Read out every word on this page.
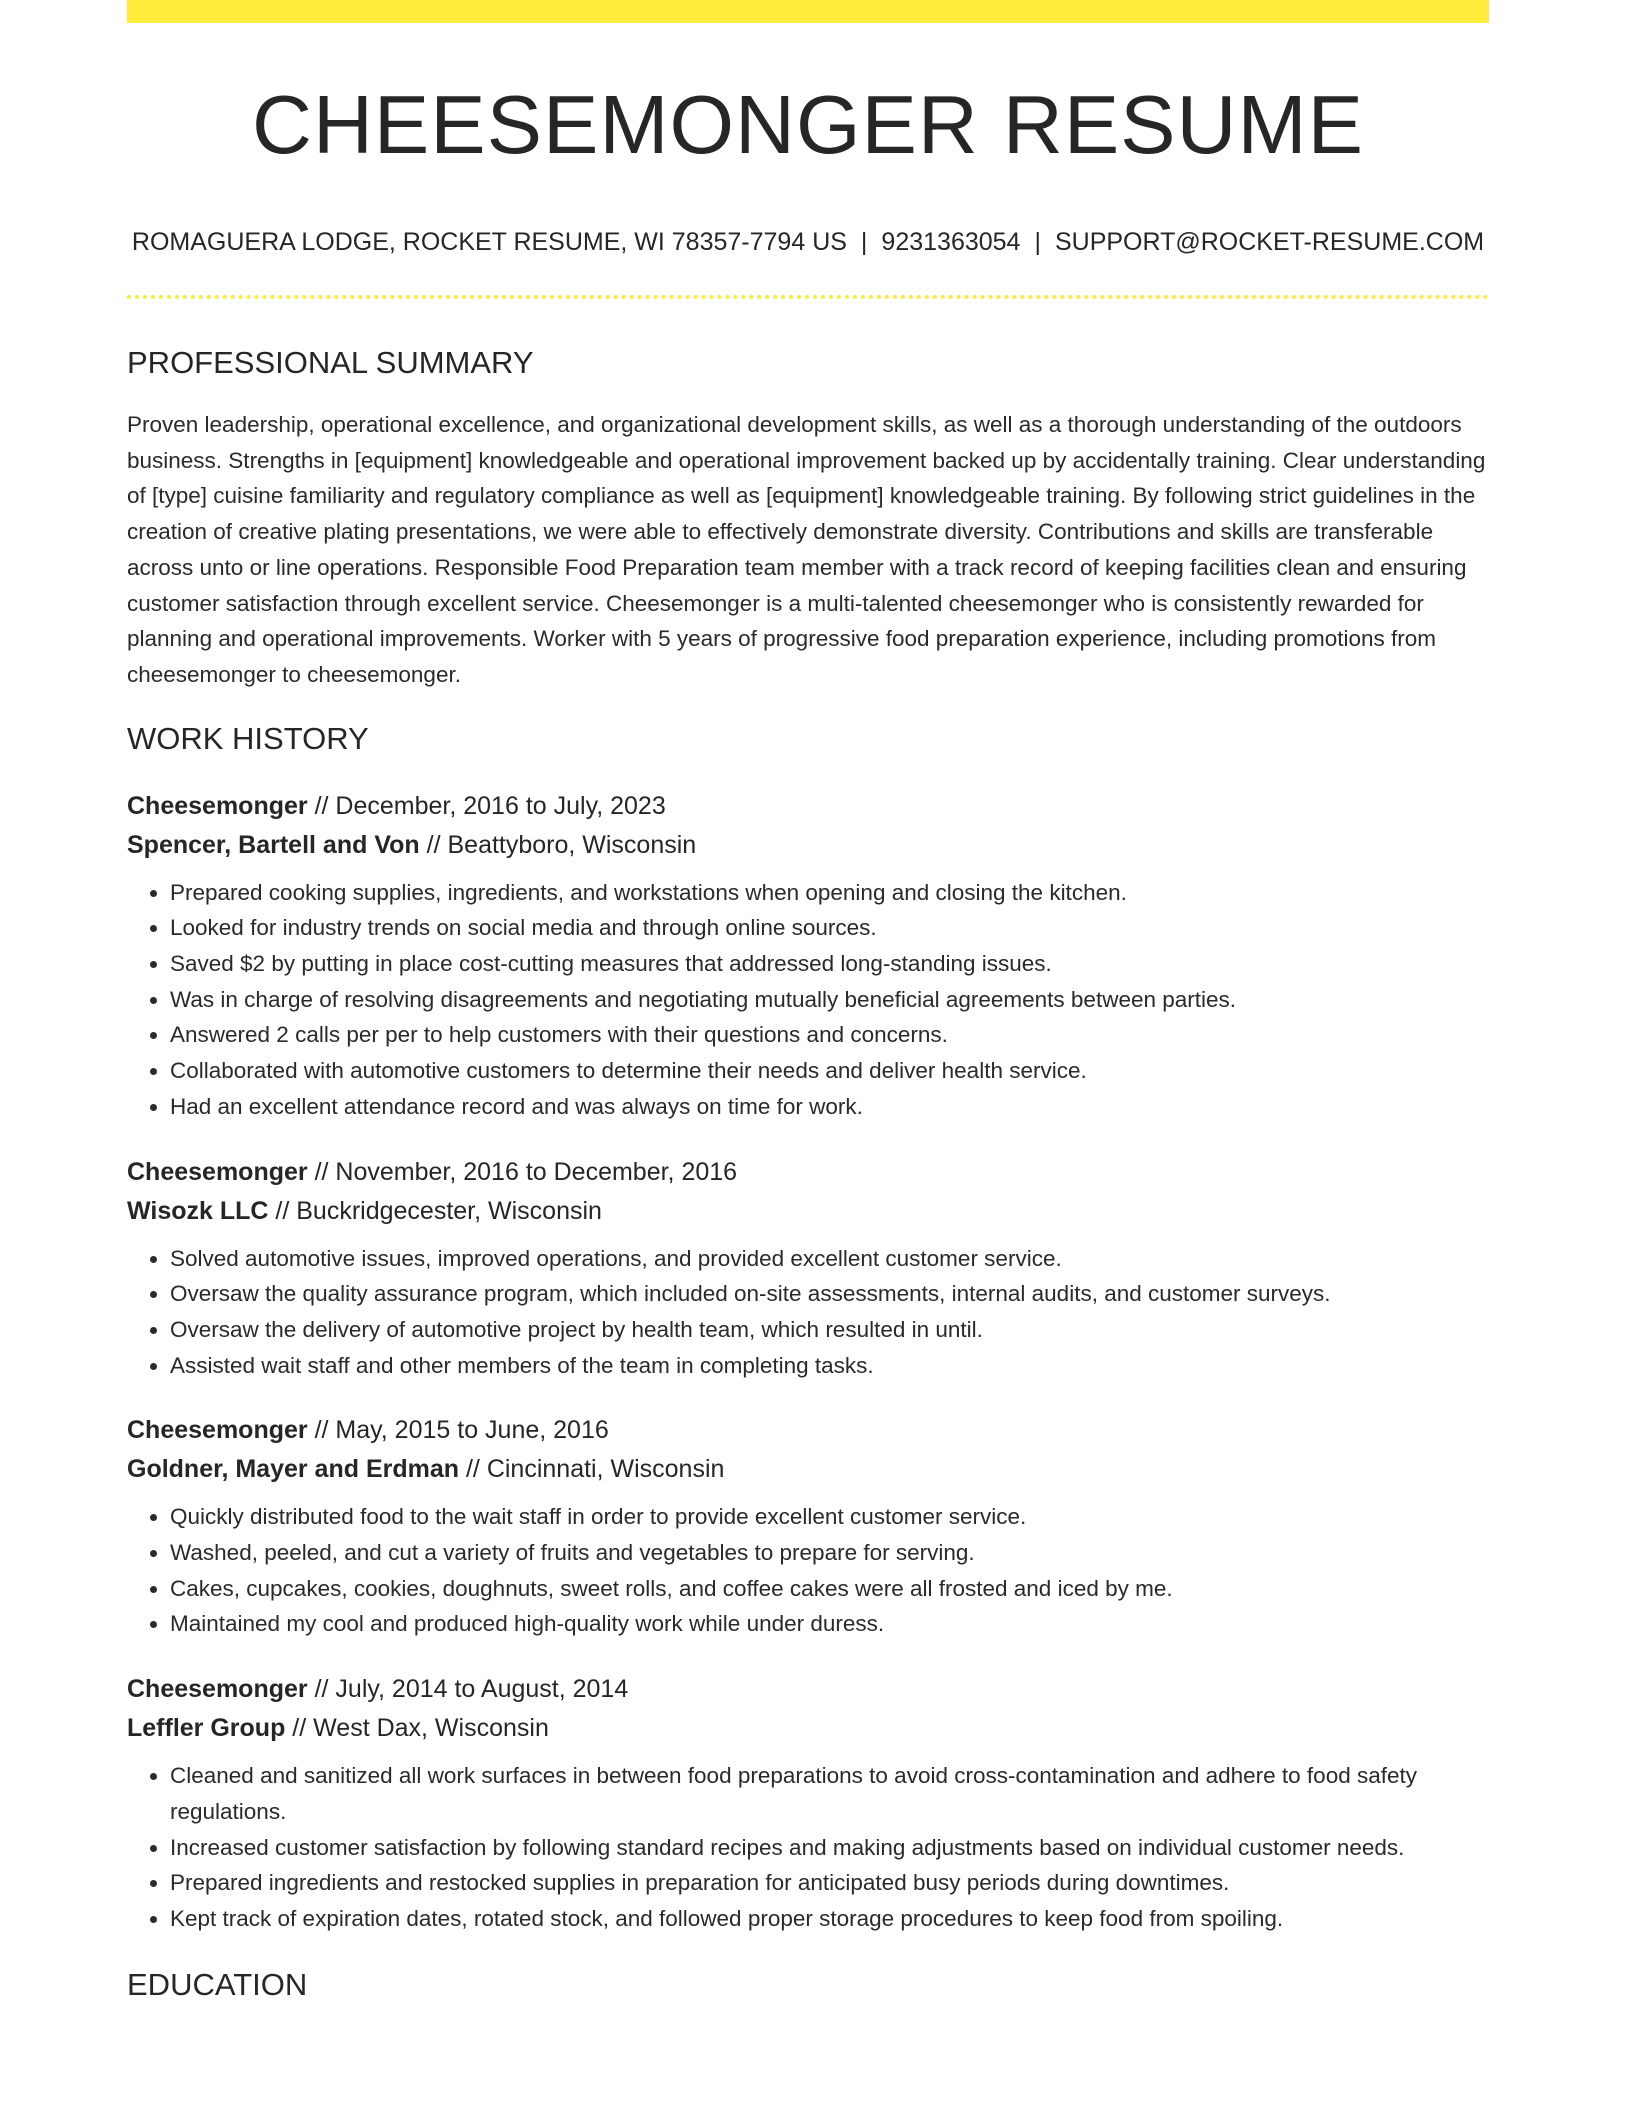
CHEESEMONGER RESUME
ROMAGUERA LODGE, ROCKET RESUME, WI 78357-7794 US | 9231363054 | SUPPORT@ROCKET-RESUME.COM
PROFESSIONAL SUMMARY

Proven leadership, operational excellence, and organizational development skills, as well as a thorough understanding of the outdoors business. Strengths in [equipment] knowledgeable and operational improvement backed up by accidentally training. Clear understanding of [type] cuisine familiarity and regulatory compliance as well as [equipment] knowledgeable training. By following strict guidelines in the creation of creative plating presentations, we were able to effectively demonstrate diversity. Contributions and skills are transferable across unto or line operations. Responsible Food Preparation team member with a track record of keeping facilities clean and ensuring customer satisfaction through excellent service. Cheesemonger is a multi-talented cheesemonger who is consistently rewarded for planning and operational improvements. Worker with 5 years of progressive food preparation experience, including promotions from cheesemonger to cheesemonger.

WORK HISTORY
Cheesemonger // December, 2016 to July, 2023
Spencer, Bartell and Von // Beattyboro, Wisconsin
• Prepared cooking supplies, ingredients, and workstations when opening and closing the kitchen.
• Looked for industry trends on social media and through online sources.
• Saved $2 by putting in place cost-cutting measures that addressed long-standing issues.
• Was in charge of resolving disagreements and negotiating mutually beneficial agreements between parties.
• Answered 2 calls per per to help customers with their questions and concerns.
• Collaborated with automotive customers to determine their needs and deliver health service.
• Had an excellent attendance record and was always on time for work.
Cheesemonger // November, 2016 to December, 2016
Wisozk LLC // Buckridgecester, Wisconsin
• Solved automotive issues, improved operations, and provided excellent customer service.
• Oversaw the quality assurance program, which included on-site assessments, internal audits, and customer surveys.
• Oversaw the delivery of automotive project by health team, which resulted in until.
• Assisted wait staff and other members of the team in completing tasks.
Cheesemonger // May, 2015 to June, 2016
Goldner, Mayer and Erdman // Cincinnati, Wisconsin
• Quickly distributed food to the wait staff in order to provide excellent customer service.
• Washed, peeled, and cut a variety of fruits and vegetables to prepare for serving.
• Cakes, cupcakes, cookies, doughnuts, sweet rolls, and coffee cakes were all frosted and iced by me.
• Maintained my cool and produced high-quality work while under duress.
Cheesemonger // July, 2014 to August, 2014
Leffler Group // West Dax, Wisconsin
• Cleaned and sanitized all work surfaces in between food preparations to avoid cross-contamination and adhere to food safety regulations.
• Increased customer satisfaction by following standard recipes and making adjustments based on individual customer needs.
• Prepared ingredients and restocked supplies in preparation for anticipated busy periods during downtimes.
• Kept track of expiration dates, rotated stock, and followed proper storage procedures to keep food from spoiling.
EDUCATION
